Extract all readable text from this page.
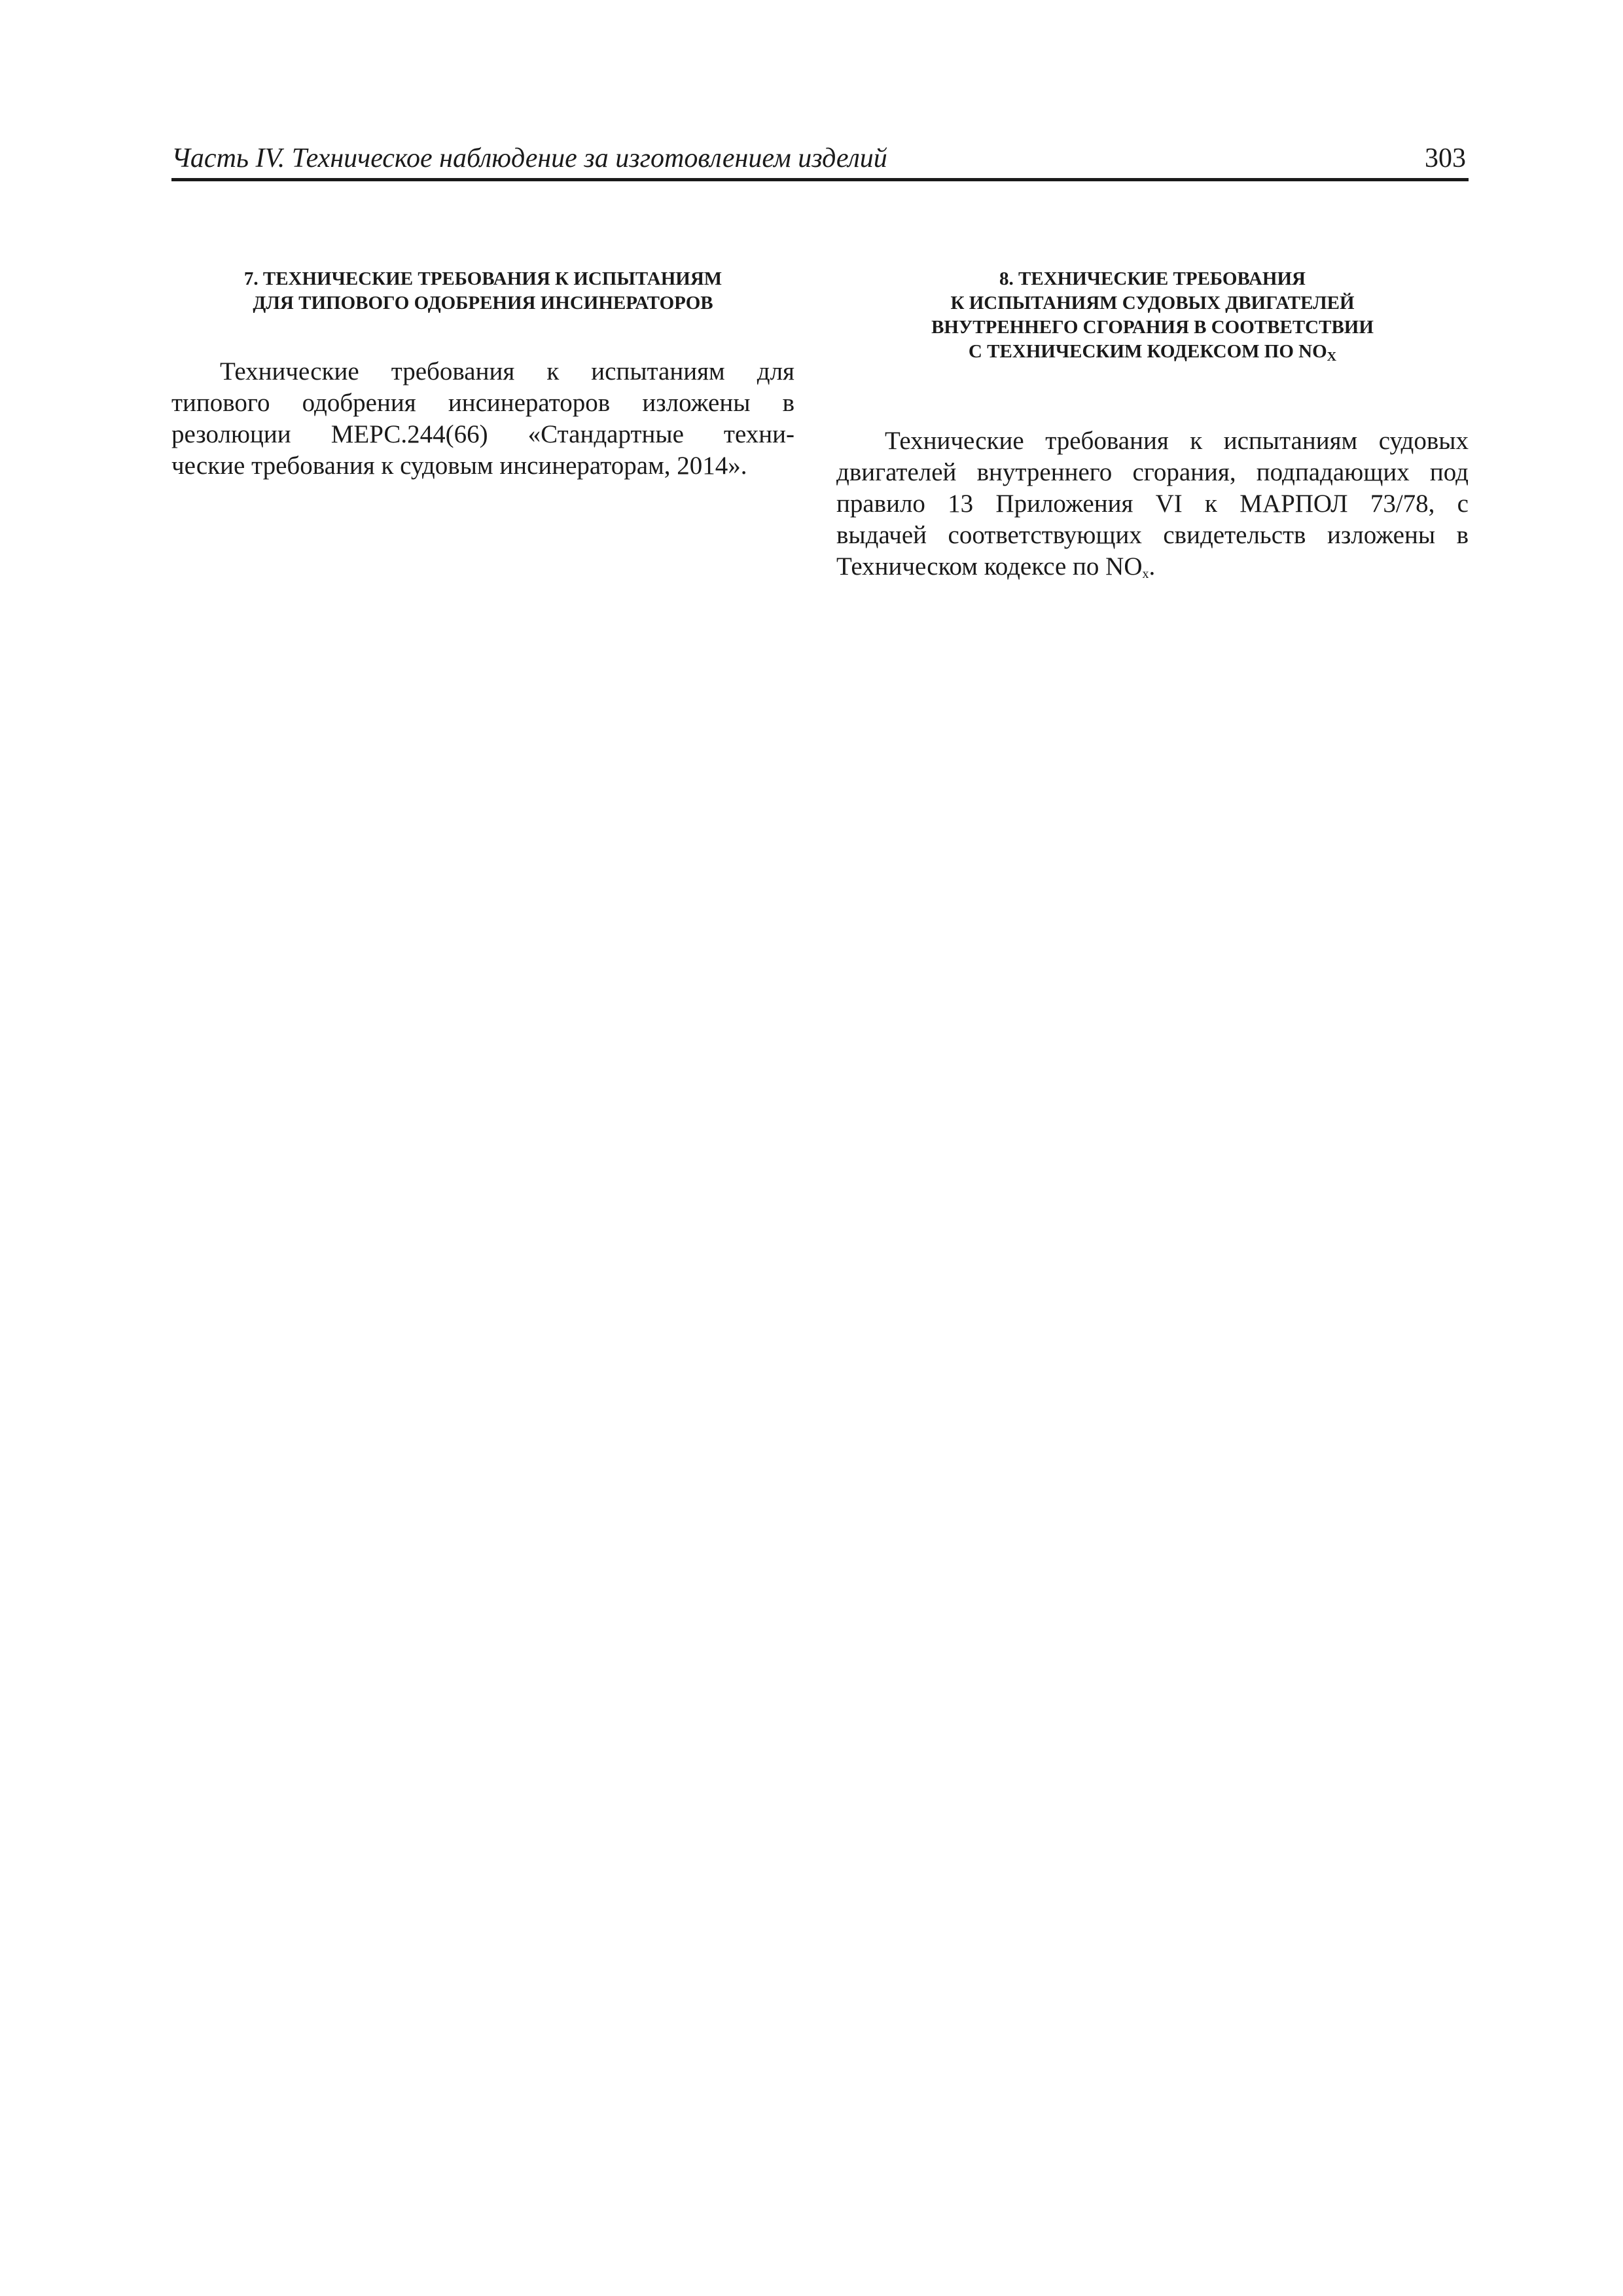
Часть IV. Техническое наблюдение за изготовлением изделий	303
7. ТЕХНИЧЕСКИЕ ТРЕБОВАНИЯ К ИСПЫТАНИЯМ
ДЛЯ ТИПОВОГО ОДОБРЕНИЯ ИНСИНЕРАТОРОВ

Технические требования к испытаниям для
типового одобрения инсинераторов изложены в
резолюции МЕРС.244(66) «Стандартные техни-
ческие требования к судовым инсинераторам, 2014».

8. ТЕХНИЧЕСКИЕ ТРЕБОВАНИЯ
К ИСПЫТАНИЯМ СУДОВЫХ ДВИГАТЕЛЕЙ
ВНУТРЕННЕГО СГОРАНИЯ В СООТВЕТСТВИИ
С ТЕХНИЧЕСКИМ КОДЕКСОМ ПО $NO_X$

Технические требования к испытаниям судовых
двигателей внутреннего сгорания, подпадающих под
правило 13 Приложения VI к МАРПОЛ 73/78, с
выдачей соответствующих свидетельств изложены в
Техническом кодексе по $NO_x$.
